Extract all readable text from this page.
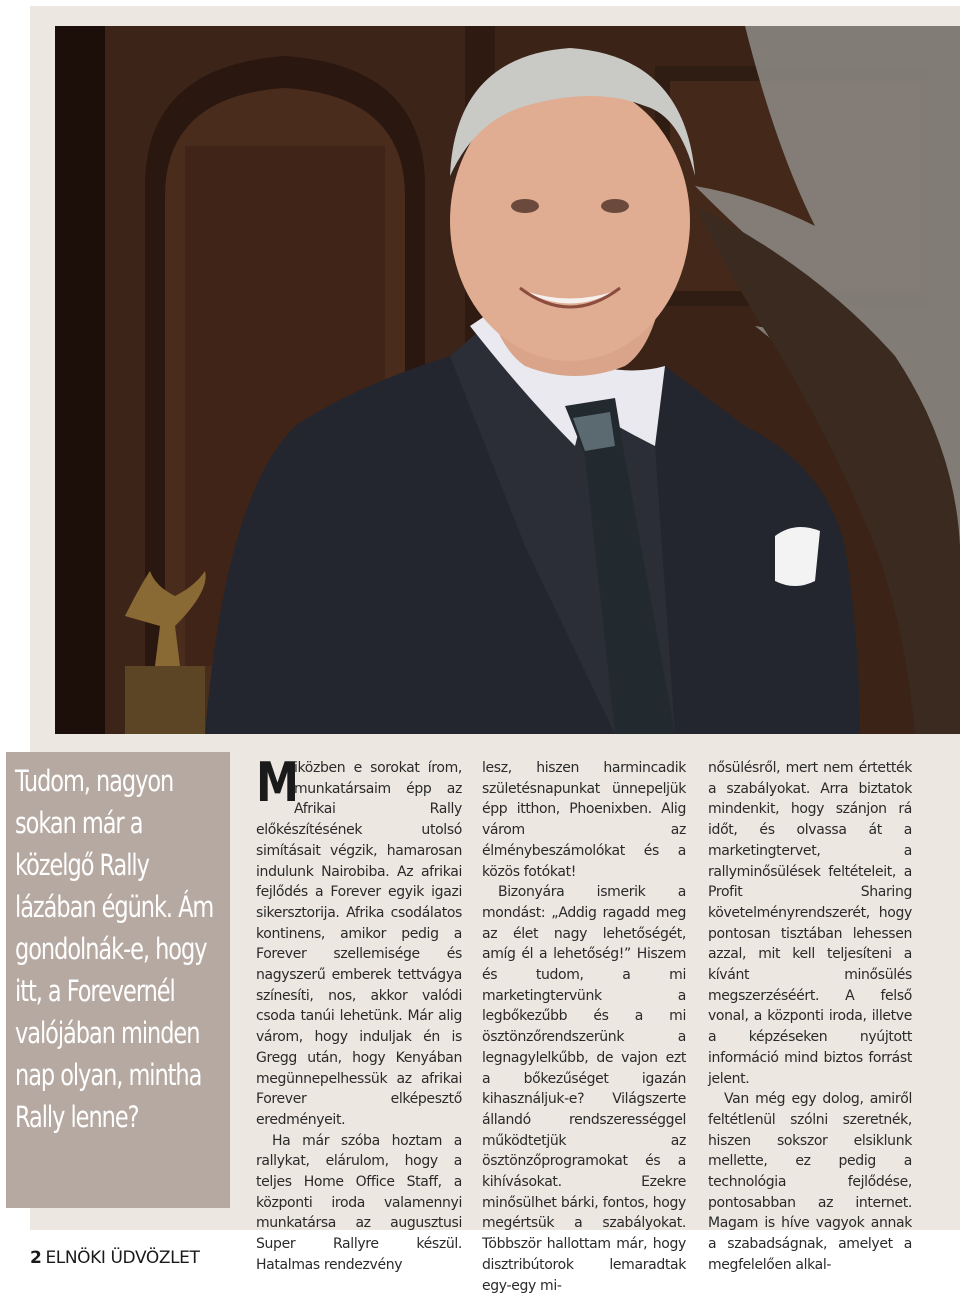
Tudom, nagyon sokan már a közelgő Rally lázában égünk. Ám gondolnák-e, hogy itt, a Forevernél valójában minden nap olyan, mintha Rally lenne?

M
iközben e sorokat írom, munkatársaim épp az Afrikai Rally előkészítésének utolsó simításait végzik, hamarosan indulunk Nairobiba. Az afrikai fejlődés a Forever egyik igazi sikersztorija. Afrika csodálatos kontinens, amikor pedig a Forever szellemisége és nagyszerű emberek tettvágya színesíti, nos, akkor valódi csoda tanúi lehetünk. Már alig várom, hogy induljak én is Gregg után, hogy Kenyában megünnepelhessük az afrikai Forever elképesztő eredményeit.

Ha már szóba hoztam a rallykat, elárulom, hogy a teljes Home Office Staff, a központi iroda valamennyi munkatársa az augusztusi Super Rallyre készül. Hatalmas rendezvény

lesz, hiszen harmincadik születésnapunkat ünnepeljük épp itthon, Phoenixben. Alig várom az élménybeszámolókat és a közös fotókat!

Bizonyára ismerik a mondást: „Addig ragadd meg az élet nagy lehetőségét, amíg él a lehetőség!” Hiszem és tudom, a mi marketingtervünk a legbőkezűbb és a mi ösztönzőrendszerünk a legnagylelkűbb, de vajon ezt a bőkezűséget igazán kihasználjuk-e? Világszerte állandó rendszerességgel működtetjük az ösztönzőprogramokat és a kihívásokat. Ezekre minősülhet bárki, fontos, hogy megértsük a szabályokat. Többször hallottam már, hogy disztribútorok lemaradtak egy-egy mi-

nősülésről, mert nem értették a szabályokat. Arra biztatok mindenkit, hogy szánjon rá időt, és olvassa át a marketingtervet, a rallyminősülések feltételeit, a Profit Sharing követelményrendszerét, hogy pontosan tisztában lehessen azzal, mit kell teljesíteni a kívánt minősülés megszerzéséért. A felső vonal, a központi iroda, illetve a képzéseken nyújtott információ mind biztos forrást jelent.

Van még egy dolog, amiről feltétlenül szólni szeretnék, hiszen sokszor elsiklunk mellette, ez pedig a technológia fejlődése, pontosabban az internet. Magam is híve vagyok annak a szabadságnak, amelyet a megfelelően alkal-

2 ELNÖKI ÜDVÖZLET
